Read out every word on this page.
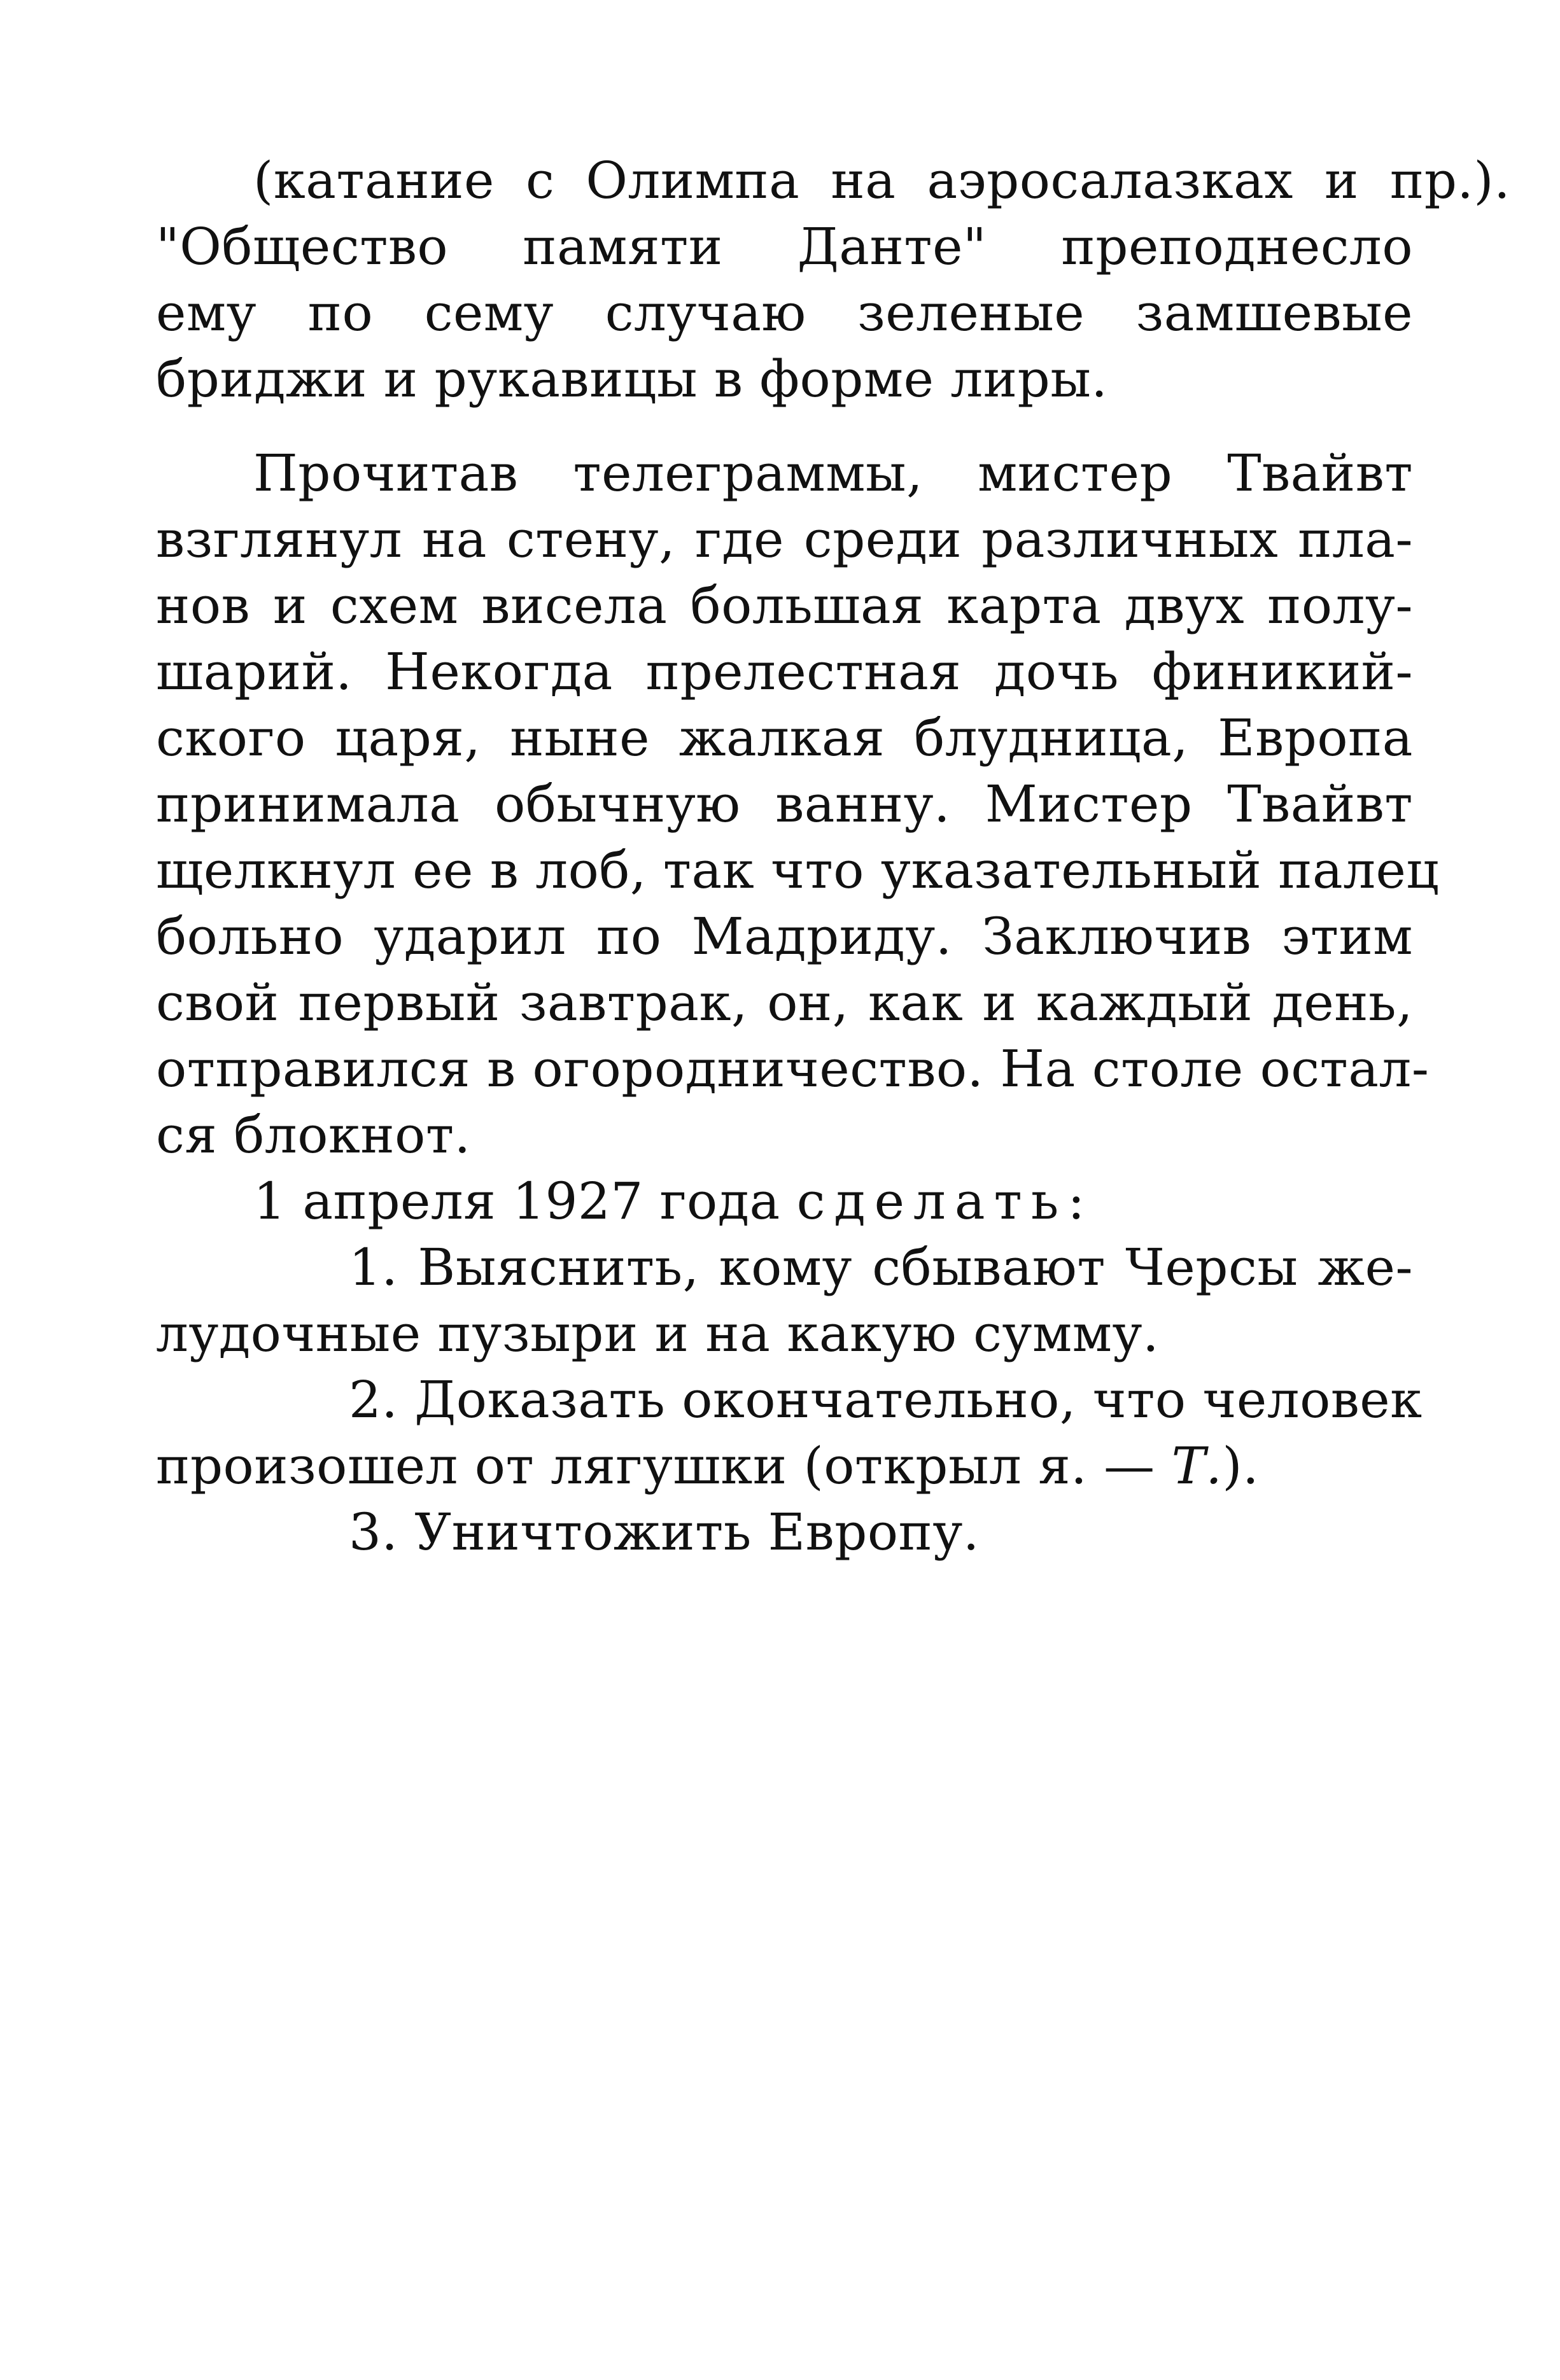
(катание с Олимпа на аэросалазках и пр.).
"Общество памяти Данте" преподнесло
ему по сему случаю зеленые замшевые
бриджи и рукавицы в форме лиры.
Прочитав телеграммы, мистер Твайвт
взглянул на стену, где среди различных пла-
нов и схем висела большая карта двух полу-
шарий. Некогда прелестная дочь финикий-
ского царя, ныне жалкая блудница, Европа
принимала обычную ванну. Мистер Твайвт
щелкнул ее в лоб, так что указательный палец
больно ударил по Мадриду. Заключив этим
свой первый завтрак, он, как и каждый день,
отправился в огородничество. На столе остал-
ся блокнот.
1 апреля 1927 года сделать:
1. Выяснить, кому сбывают Черсы же-
лудочные пузыри и на какую сумму.
2. Доказать окончательно, что человек
произошел от лягушки (открыл я. — Т.).
3. Уничтожить Европу.
